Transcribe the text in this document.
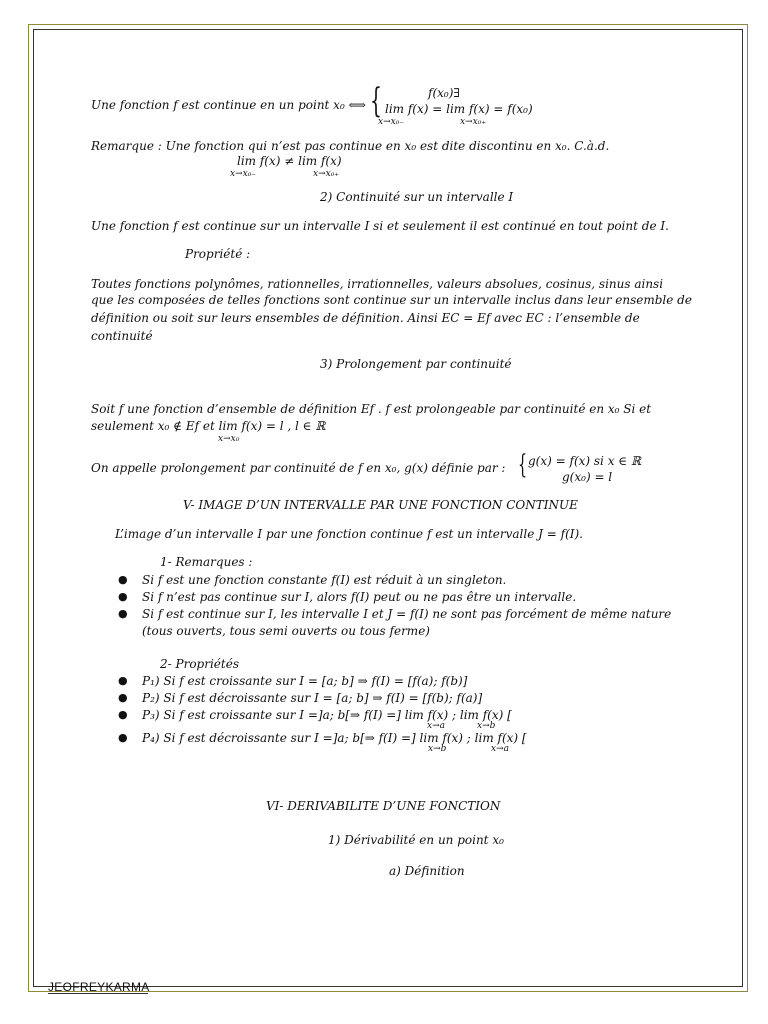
Une fonction f est continue en un point x₀ ⟺ {	f(x₀)∃
lim f(x) = lim f(x) = f(x₀)
x→x₀₋	x→x₀₊
Remarque : Une fonction qui n’est pas continue en x₀ est dite discontinu en x₀. C.à.d.
lim f(x) ≠ lim f(x)
x→x₀₋	x→x₀₊
2) Continuité sur un intervalle I
Une fonction f est continue sur un intervalle I si et seulement il est continué en tout point de I.
Propriété :
Toutes fonctions polynômes, rationnelles, irrationnelles, valeurs absolues, cosinus, sinus ainsi
que les composées de telles fonctions sont continue sur un intervalle inclus dans leur ensemble de
définition ou soit sur leurs ensembles de définition. Ainsi E𝐶 = E𝑓 avec E𝐶 : l’ensemble de
continuité
3) Prolongement par continuité
Soit f une fonction d’ensemble de définition E𝑓 . f est prolongeable par continuité en x₀ Si et
seulement x₀ ∉ E𝑓 et lim f(x) = l , l ∈ ℝ
x→x₀
On appelle prolongement par continuité de f en x₀, g(x) définie par : { g(x) = f(x) si x ∈ ℝ
g(x₀) = l
V- IMAGE D’UN INTERVALLE PAR UNE FONCTION CONTINUE
L’image d’un intervalle I par une fonction continue f est un intervalle J = f(I).
1- Remarques :
● Si f est une fonction constante f(I) est réduit à un singleton.
● Si f n’est pas continue sur I, alors f(I) peut ou ne pas être un intervalle.
● Si f est continue sur I, les intervalle I et J = f(I) ne sont pas forcément de même nature
(tous ouverts, tous semi ouverts ou tous ferme)
2- Propriétés
● P₁) Si f est croissante sur I = [a; b] ⇒ f(I) = [f(a); f(b)]
● P₂) Si f est décroissante sur I = [a; b] ⇒ f(I) = [f(b); f(a)]
● P₃) Si f est croissante sur I =]a; b[⇒ f(I) =] lim f(x) ; lim f(x) [
x→a	x→b
● P₄) Si f est décroissante sur I =]a; b[⇒ f(I) =] lim f(x) ; lim f(x) [
x→b	x→a
VI- DERIVABILITE D’UNE FONCTION
1) Dérivabilité en un point x₀
a) Définition
JEOFREYKARMA
